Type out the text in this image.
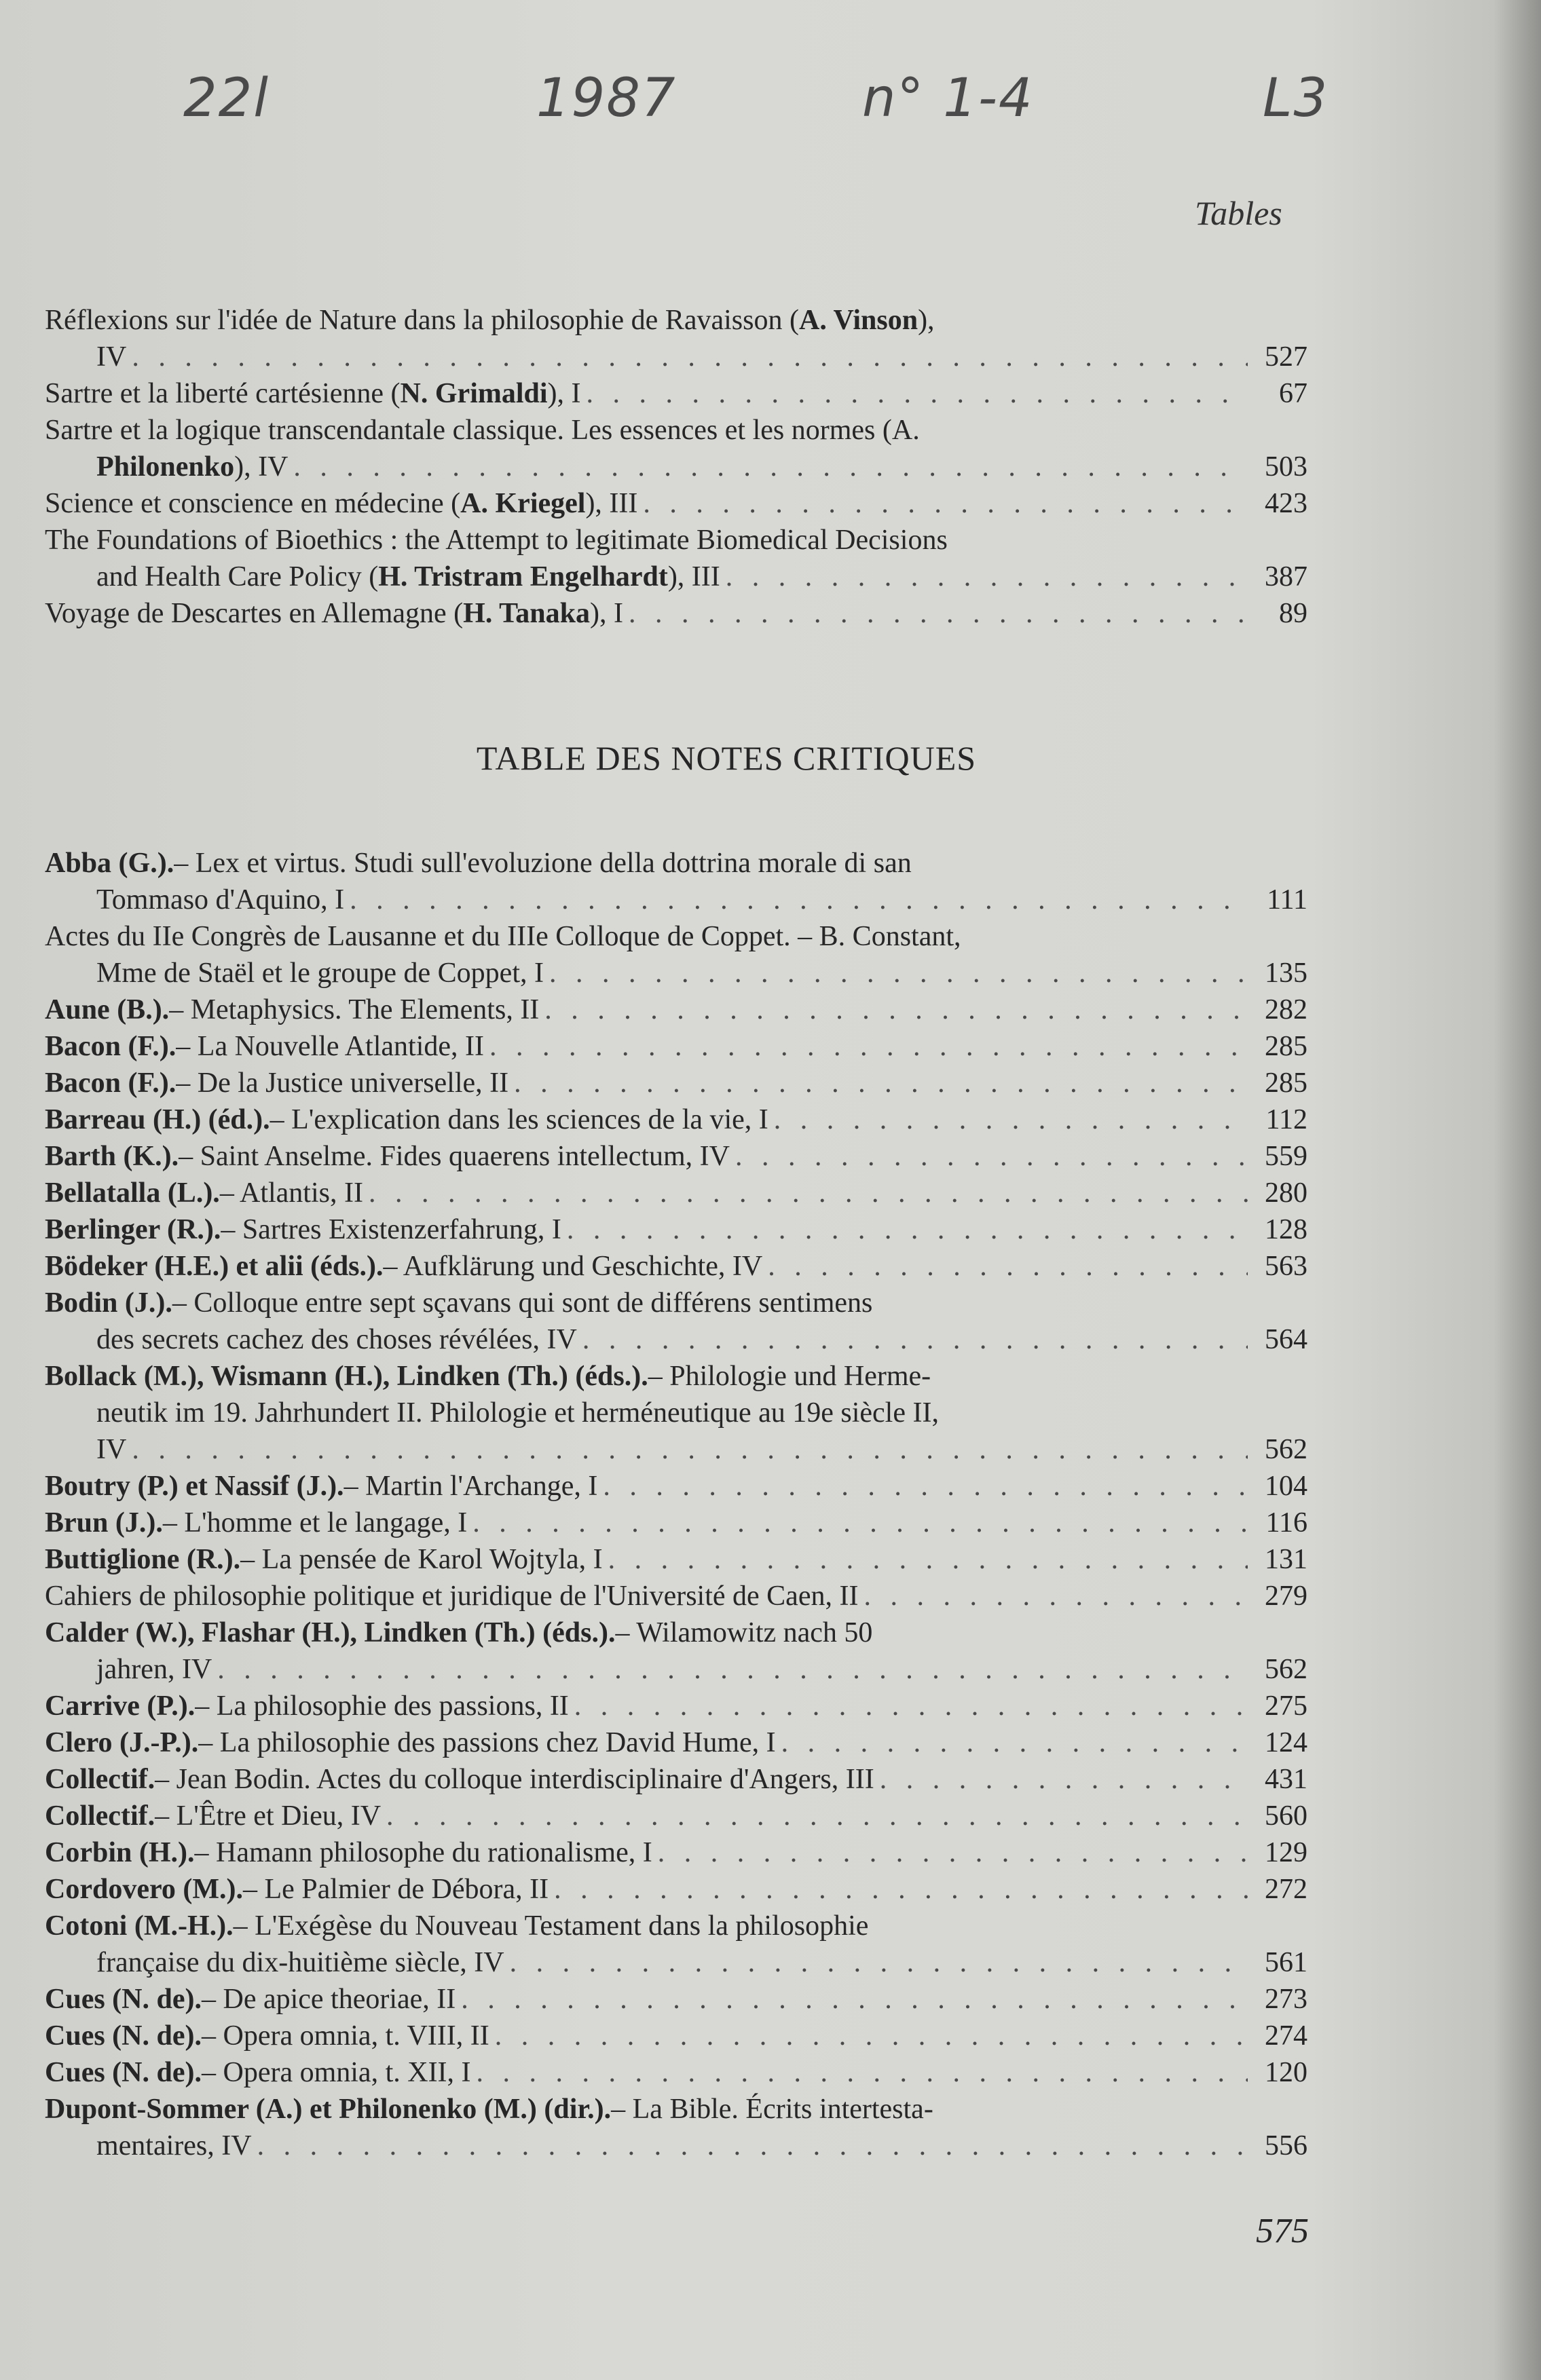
22l	1987	n° 1-4	L3
Tables
Réflexions sur l'idée de Nature dans la philosophie de Ravaisson ( A. Vinson ),
IV . . .	527
Sartre et la liberté cartésienne ( N. Grimaldi ), I . . .	67
Sartre et la logique transcendantale classique. Les essences et les normes (A.
Philonenko ), IV . . .	503
Science et conscience en médecine ( A. Kriegel ), III . . .	423
The Foundations of Bioethics : the Attempt to legitimate Biomedical Decisions
and Health Care Policy ( H. Tristram Engelhardt ), III . . .	387
Voyage de Descartes en Allemagne ( H. Tanaka ), I . . .	89
TABLE DES NOTES CRITIQUES
Abba (G.). – Lex et virtus. Studi sull'evoluzione della dottrina morale di san
Tommaso d'Aquino, I . . .	111
Actes du IIe Congrès de Lausanne et du IIIe Colloque de Coppet. – B. Constant,
Mme de Staël et le groupe de Coppet, I . . .	135
Aune (B.). – Metaphysics. The Elements, II . . .	282
Bacon (F.). – La Nouvelle Atlantide, II . . .	285
Bacon (F.). – De la Justice universelle, II . . .	285
Barreau (H.) (éd.). – L'explication dans les sciences de la vie, I . . .	112
Barth (K.). – Saint Anselme. Fides quaerens intellectum, IV . . .	559
Bellatalla (L.). – Atlantis, II . . .	280
Berlinger (R.). – Sartres Existenzerfahrung, I . . .	128
Bödeker (H.E.) et alii (éds.). – Aufklärung und Geschichte, IV . . .	563
Bodin (J.). – Colloque entre sept sçavans qui sont de différens sentimens
des secrets cachez des choses révélées, IV . . .	564
Bollack (M.), Wismann (H.), Lindken (Th.) (éds.). – Philologie und Herme-
neutik im 19. Jahrhundert II. Philologie et herméneutique au 19e siècle II,
IV . . .	562
Boutry (P.) et Nassif (J.). – Martin l'Archange, I . . .	104
Brun (J.). – L'homme et le langage, I . . .	116
Buttiglione (R.). – La pensée de Karol Wojtyla, I . . .	131
Cahiers de philosophie politique et juridique de l'Université de Caen, II . . .	279
Calder (W.), Flashar (H.), Lindken (Th.) (éds.). – Wilamowitz nach 50
jahren, IV . . .	562
Carrive (P.). – La philosophie des passions, II . . .	275
Clero (J.-P.). – La philosophie des passions chez David Hume, I . . .	124
Collectif. – Jean Bodin. Actes du colloque interdisciplinaire d'Angers, III . . .	431
Collectif. – L'Être et Dieu, IV . . .	560
Corbin (H.). – Hamann philosophe du rationalisme, I . . .	129
Cordovero (M.). – Le Palmier de Débora, II . . .	272
Cotoni (M.-H.). – L'Exégèse du Nouveau Testament dans la philosophie
française du dix-huitième siècle, IV . . .	561
Cues (N. de). – De apice theoriae, II . . .	273
Cues (N. de). – Opera omnia, t. VIII, II . . .	274
Cues (N. de). – Opera omnia, t. XII, I . . .	120
Dupont-Sommer (A.) et Philonenko (M.) (dir.). – La Bible. Écrits intertesta-
mentaires, IV . . .	556
575
